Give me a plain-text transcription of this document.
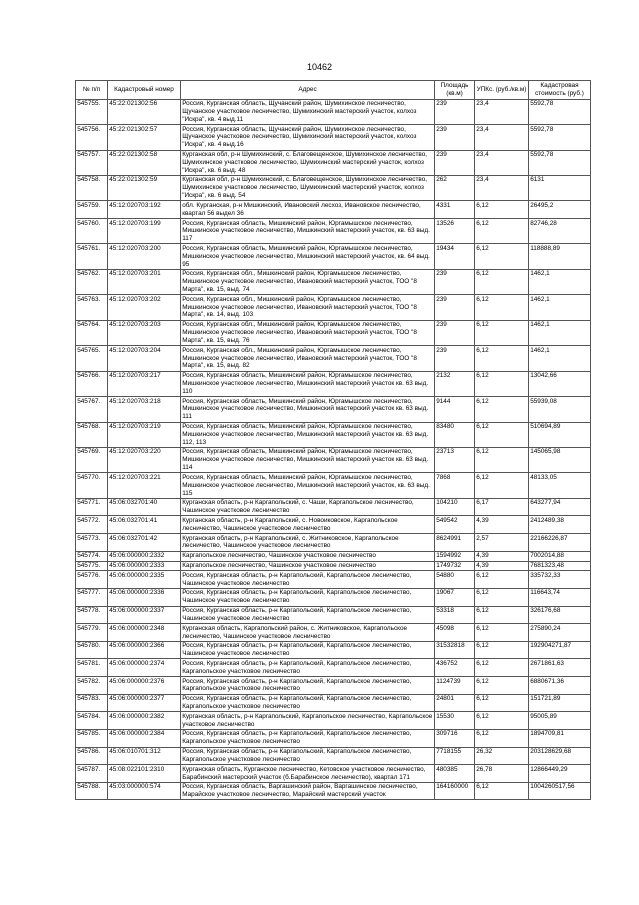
10462
№ п/п	Кадастровый номер	Адрес	Площадь (кв.м)	УПКс. (руб./кв.м)	Кадастровая стоимость (руб.)
545755.	45:22:021302:56	Россия, Курганская область, Щучанский район, Шумихинское лесничество, Щучанское участковое лесничество, Шумихинский мастерский участок, колхоз "Искра", кв. 4 выд.11	239	23,4	5592,78
545756.	45:22:021302:57	Россия, Курганская область, Щучанский район, Шумихинское лесничество, Щучанское участковое лесничество, Шумихинский мастерский участок, колхоз "Искра", кв. 4 выд.16	239	23,4	5592,78
545757.	45:22:021302:58	Курганская обл, р-н Шумихинский, с. Благовещенское, Шумихинское лесничество, Шумихинское участковое лесничество, Шумихинский мастерский участок, колхоз "Искра", кв. 6 выд. 48	239	23,4	5592,78
545758.	45:22:021302:59	Курганская обл, р-н Шумихинский, с. Благовещенское, Шумихинское лесничество, Шумихинское участковое лесничество, Шумихинский мастерский участок, колхоз "Искра", кв. 6 выд. 54	262	23,4	6131
545759.	45:12:020703:192	обл. Курганская, р-н Мишкинский, Ивановский лесхоз, Ивановское лесничество, квартал 56 выдел 36	4331	6,12	26495,2
545760.	45:12:020703:199	Россия, Курганская область, Мишкинский район, Юргамышское лесничество, Мишкинское участковое лесничество, Мишкинский мастерский участок, кв. 63 выд. 117	13526	6,12	82746,28
545761.	45:12:020703:200	Россия, Курганская область, Мишкинский район, Юргамышское лесничество, Мишкинское участковое лесничество, Мишкинский мастерский участок, кв. 64 выд. 95	19434	6,12	118888,89
545762.	45:12:020703:201	Россия, Курганская обл., Мишкинский район, Юргамышское лесничество, Мишкинское участковое лесничество, Ивановский мастерский участок, ТОО "8 Марта", кв. 15, выд. 74	239	6,12	1462,1
545763.	45:12:020703:202	Россия, Курганская обл., Мишкинский район, Юргамышское лесничество, Мишкинское участковое лесничество, Ивановский мастерский участок, ТОО "8 Марта", кв. 14, выд. 103	239	6,12	1462,1
545764.	45:12:020703:203	Россия, Курганская обл., Мишкинский район, Юргамышское лесничество, Мишкинское участковое лесничество, Ивановский мастерский участок, ТОО "8 Марта", кв. 15, выд. 76	239	6,12	1462,1
545765.	45:12:020703:204	Россия, Курганская обл., Мишкинский район, Юргамышское лесничество, Мишкинское участковое лесничество, Ивановский мастерский участок, ТОО "8 Марта", кв. 15, выд. 82	239	6,12	1462,1
545766.	45:12:020703:217	Россия, Курганская область, Мишкинский район, Юргамышское лесничество, Мишкинское участковое лесничество, Мишкинский мастерский участок кв. 63 выд. 110	2132	6,12	13042,66
545767.	45:12:020703:218	Россия, Курганская область, Мишкинский район, Юргамышское лесничество, Мишкинское участковое лесничество, Мишкинский мастерский участок кв. 63 выд. 111	9144	6,12	55939,08
545768.	45:12:020703:219	Россия, Курганская область, Мишкинский район, Юргамышское лесничество, Мишкинское участковое лесничество, Мишкинский мастерский участок кв. 63 выд. 112, 113	83480	6,12	510694,89
545769.	45:12:020703:220	Россия, Курганская область, Мишкинский район, Юргамышское лесничество, Мишкинское участковое лесничество, Мишкинский мастерский участок кв. 63 выд. 114	23713	6,12	145065,98
545770.	45:12:020703:221	Россия, Курганская область, Мишкинский район, Юргамышское лесничество, Мишкинское участковое лесничество, Мишкинский мастерский участок, кв. 63 выд. 115	7868	6,12	48133,05
545771.	45:06:032701:40	Курганская область, р-н Каргапольский, с. Чаши, Каргапольское лесничество, Чашинское участковое лесничество	104210	6,17	643277,94
545772.	45:06:032701:41	Курганская область, р-н Каргапольский, с. Новоиковское, Каргапольское лесничество, Чашинское участковое лесничество	549542	4,39	2412489,38
545773.	45:06:032701:42	Курганская область, р-н Каргапольский, с. Житниковское, Каргапольское лесничество, Чашинское участковое лесничество	8624991	2,57	22166226,87
545774.	45:06:000000:2332	Каргапольское лесничество, Чашинское участковое лесничество	1594992	4,39	7002014,88
545775.	45:06:000000:2333	Каргапольское лесничество, Чашинское участковое лесничество	1749732	4,39	7681323,48
545776.	45:06:000000:2335	Россия, Курганская область, р-н Каргапольский, Каргапольское лесничество, Чашинское участковое лесничество	54880	6,12	335732,33
545777.	45:06:000000:2336	Россия, Курганская область, р-н Каргапольский, Каргапольское лесничество, Чашинское участковое лесничество	19067	6,12	116643,74
545778.	45:06:000000:2337	Россия, Курганская область, р-н Каргапольский, Каргапольское лесничество, Чашинское участковое лесничество	53318	6,12	326176,68
545779.	45:06:000000:2348	Курганская область, Каргапольский район, с. Житниковское, Каргапольское лесничество, Чашинское участковое лесничество	45098	6,12	275890,24
545780.	45:06:000000:2366	Россия, Курганская область, р-н Каргапольский, Каргапольское лесничество, Чашинское участковое лесничество	31532818	6,12	192904271,87
545781.	45:06:000000:2374	Россия, Курганская область, р-н Каргапольский, Каргапольское лесничество, Каргапольское участковое лесничество	436752	6,12	2671861,63
545782.	45:06:000000:2376	Россия, Курганская область, р-н Каргапольский, Каргапольское лесничество, Каргапольское участковое лесничество	1124739	6,12	6880671,36
545783.	45:06:000000:2377	Россия, Курганская область, р-н Каргапольский, Каргапольское лесничество, Каргапольское участковое лесничество	24801	6,12	151721,89
545784.	45:06:000000:2382	Курганская область, р-н Каргапольский, Каргапольское лесничество, Каргапольское участковое лесничество	15530	6,12	95005,89
545785.	45:06:000000:2384	Россия, Курганская область, р-н Каргапольский, Каргапольское лесничество, Каргапольское участковое лесничество	309716	6,12	1894709,81
545786.	45:06:010701:312	Россия, Курганская область, р-н Каргапольский, Каргапольское лесничество, Каргапольское участковое лесничество	7718155	26,32	203128629,68
545787.	45:08:022101:2310	Курганская область, Курганское лесничество, Кетовское участковое лесничество, Барабинский мастерский участок (б.Барабинское лесничество), квартал 171	480385	26,78	12866449,29
545788.	45:03:000000:574	Россия, Курганская область, Варгашинский район, Варгашинское лесничество, Марайское участковое лесничество, Марайский мастерский участок	164160000	6,12	1004260517,56
